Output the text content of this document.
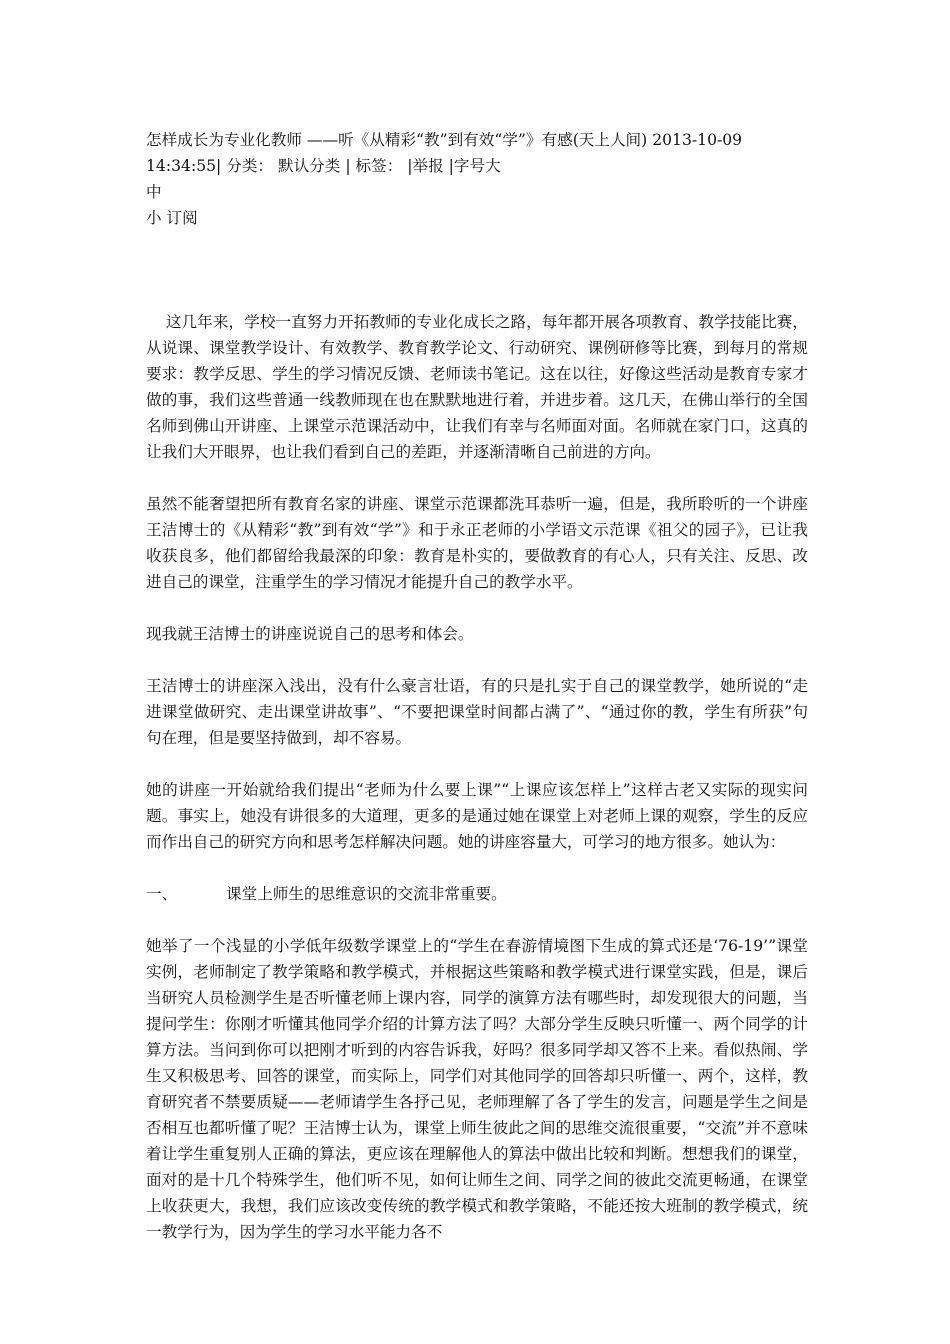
怎样成长为专业化教师 ——听《从精彩“教”到有效“学”》有感(天上人间) 2013-10-09

14:34:55| 分类： 默认分类 | 标签： |举报 |字号大

中

小 订阅

这几年来，学校一直努力开拓教师的专业化成长之路，每年都开展各项教育、教学技能比赛，从说课、课堂教学设计、有效教学、教育教学论文、行动研究、课例研修等比赛，到每月的常规要求：教学反思、学生的学习情况反馈、老师读书笔记。这在以往，好像这些活动是教育专家才做的事，我们这些普通一线教师现在也在默默地进行着，并进步着。这几天，在佛山举行的全国名师到佛山开讲座、上课堂示范课活动中，让我们有幸与名师面对面。名师就在家门口，这真的让我们大开眼界，也让我们看到自己的差距，并逐渐清晰自己前进的方向。

虽然不能奢望把所有教育名家的讲座、课堂示范课都洗耳恭听一遍，但是，我所聆听的一个讲座王洁博士的《从精彩“教”到有效“学”》和于永正老师的小学语文示范课《祖父的园子》，已让我收获良多，他们都留给我最深的印象：教育是朴实的，要做教育的有心人，只有关注、反思、改进自己的课堂，注重学生的学习情况才能提升自己的教学水平。

现我就王洁博士的讲座说说自己的思考和体会。

王洁博士的讲座深入浅出，没有什么豪言壮语，有的只是扎实于自己的课堂教学，她所说的“走进课堂做研究、走出课堂讲故事”、“不要把课堂时间都占满了”、“通过你的教，学生有所获”句句在理，但是要坚持做到，却不容易。

她的讲座一开始就给我们提出“老师为什么要上课”“上课应该怎样上”这样古老又实际的现实问题。事实上，她没有讲很多的大道理，更多的是通过她在课堂上对老师上课的观察，学生的反应而作出自己的研究方向和思考怎样解决问题。她的讲座容量大，可学习的地方很多。她认为：

一、	课堂上师生的思维意识的交流非常重要。

她举了一个浅显的小学低年级数学课堂上的“学生在春游情境图下生成的算式还是‘76-19’”课堂实例，老师制定了教学策略和教学模式，并根据这些策略和教学模式进行课堂实践，但是，课后当研究人员检测学生是否听懂老师上课内容，同学的演算方法有哪些时，却发现很大的问题，当提问学生：你刚才听懂其他同学介绍的计算方法了吗？大部分学生反映只听懂一、两个同学的计算方法。当问到你可以把刚才听到的内容告诉我，好吗？很多同学却又答不上来。看似热闹、学生又积极思考、回答的课堂，而实际上，同学们对其他同学的回答却只听懂一、两个，这样，教育研究者不禁要质疑——老师请学生各抒己见，老师理解了各了学生的发言，问题是学生之间是否相互也都听懂了呢？王洁博士认为，课堂上师生彼此之间的思维交流很重要，“交流”并不意味着让学生重复别人正确的算法，更应该在理解他人的算法中做出比较和判断。想想我们的课堂，面对的是十几个特殊学生，他们听不见，如何让师生之间、同学之间的彼此交流更畅通，在课堂上收获更大，我想，我们应该改变传统的教学模式和教学策略，不能还按大班制的教学模式，统一教学行为，因为学生的学习水平能力各不
